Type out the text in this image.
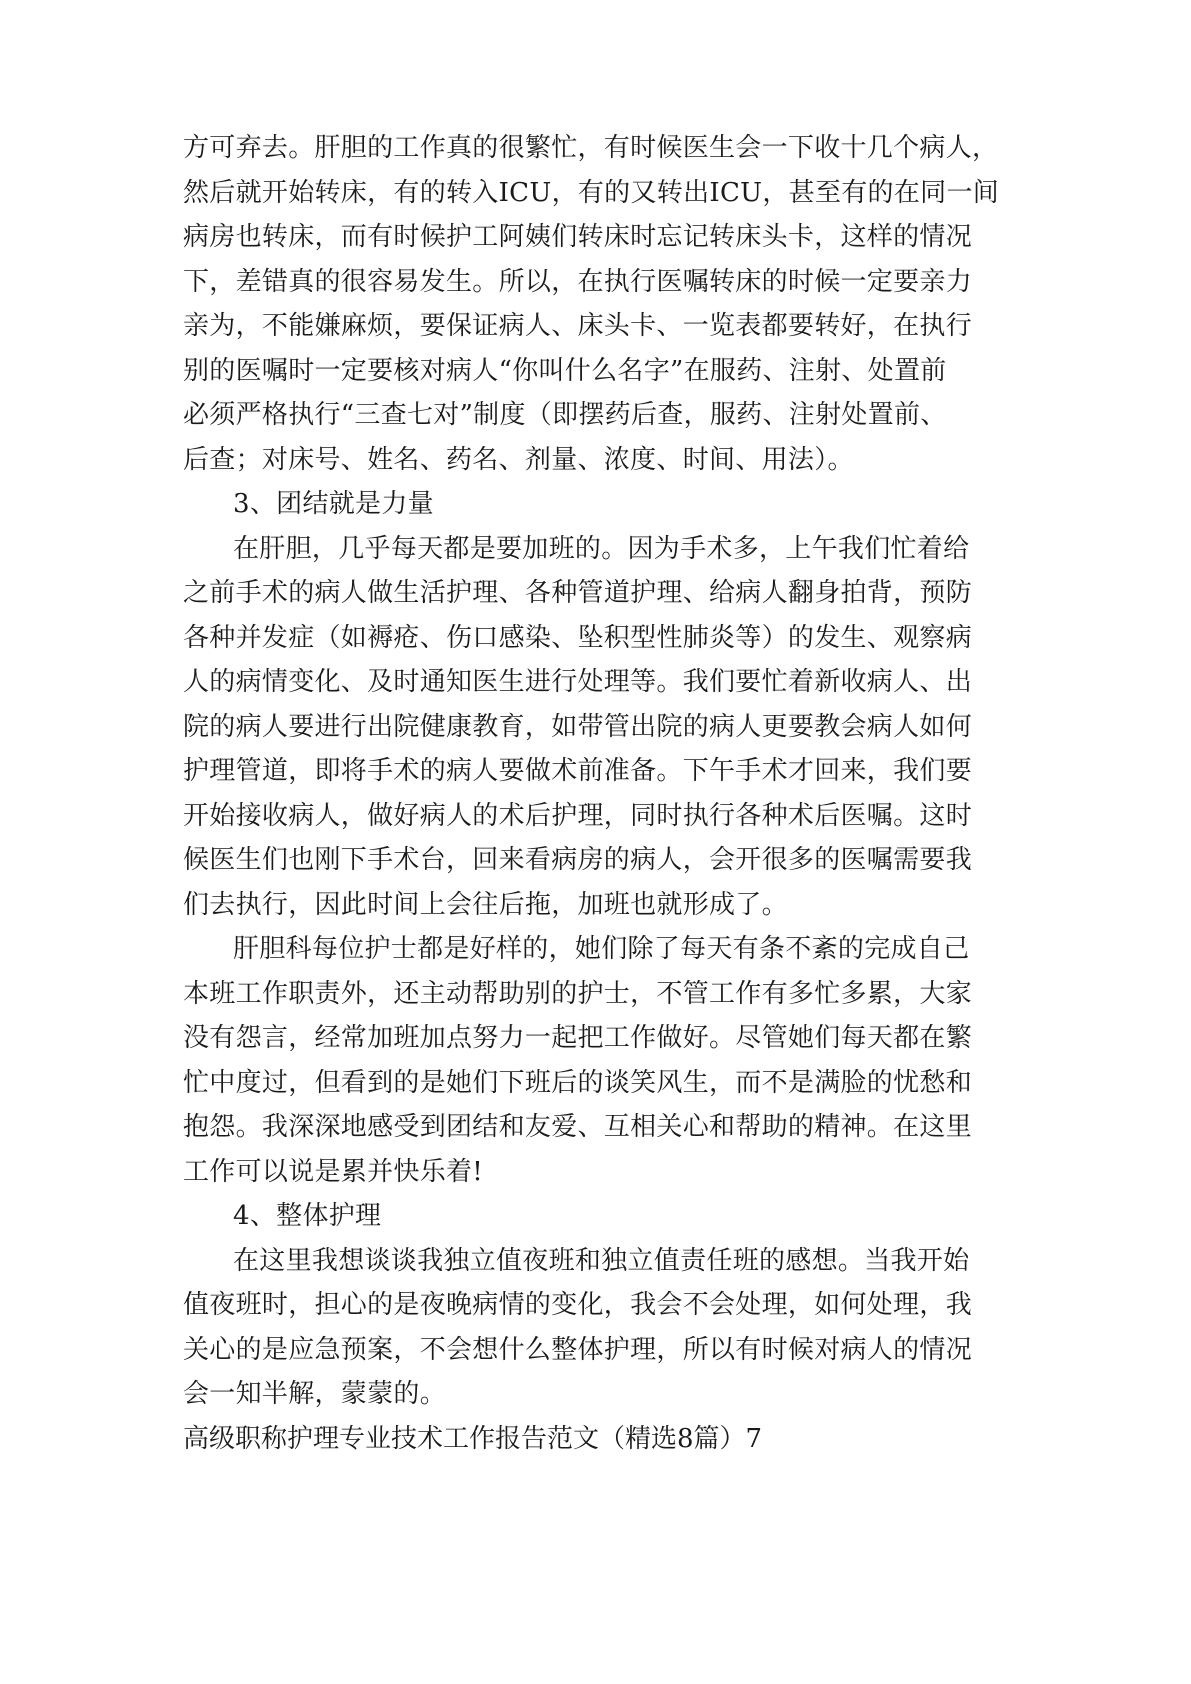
方可弃去。肝胆的工作真的很繁忙，有时候医生会一下收十几个病人，
然后就开始转床，有的转入ICU，有的又转出ICU，甚至有的在同一间
病房也转床，而有时候护工阿姨们转床时忘记转床头卡，这样的情况
下，差错真的很容易发生。所以，在执行医嘱转床的时候一定要亲力
亲为，不能嫌麻烦，要保证病人、床头卡、一览表都要转好，在执行
别的医嘱时一定要核对病人“你叫什么名字”在服药、注射、处置前
必须严格执行“三查七对”制度（即摆药后查，服药、注射处置前、
后查；对床号、姓名、药名、剂量、浓度、时间、用法）。
3、团结就是力量
在肝胆，几乎每天都是要加班的。因为手术多，上午我们忙着给
之前手术的病人做生活护理、各种管道护理、给病人翻身拍背，预防
各种并发症（如褥疮、伤口感染、坠积型性肺炎等）的发生、观察病
人的病情变化、及时通知医生进行处理等。我们要忙着新收病人、出
院的病人要进行出院健康教育，如带管出院的病人更要教会病人如何
护理管道，即将手术的病人要做术前准备。下午手术才回来，我们要
开始接收病人，做好病人的术后护理，同时执行各种术后医嘱。这时
候医生们也刚下手术台，回来看病房的病人，会开很多的医嘱需要我
们去执行，因此时间上会往后拖，加班也就形成了。
肝胆科每位护士都是好样的，她们除了每天有条不紊的完成自己
本班工作职责外，还主动帮助别的护士，不管工作有多忙多累，大家
没有怨言，经常加班加点努力一起把工作做好。尽管她们每天都在繁
忙中度过，但看到的是她们下班后的谈笑风生，而不是满脸的忧愁和
抱怨。我深深地感受到团结和友爱、互相关心和帮助的精神。在这里
工作可以说是累并快乐着!
4、整体护理
在这里我想谈谈我独立值夜班和独立值责任班的感想。当我开始
值夜班时，担心的是夜晚病情的变化，我会不会处理，如何处理，我
关心的是应急预案，不会想什么整体护理，所以有时候对病人的情况
会一知半解，蒙蒙的。
高级职称护理专业技术工作报告范文（精选8篇）7
